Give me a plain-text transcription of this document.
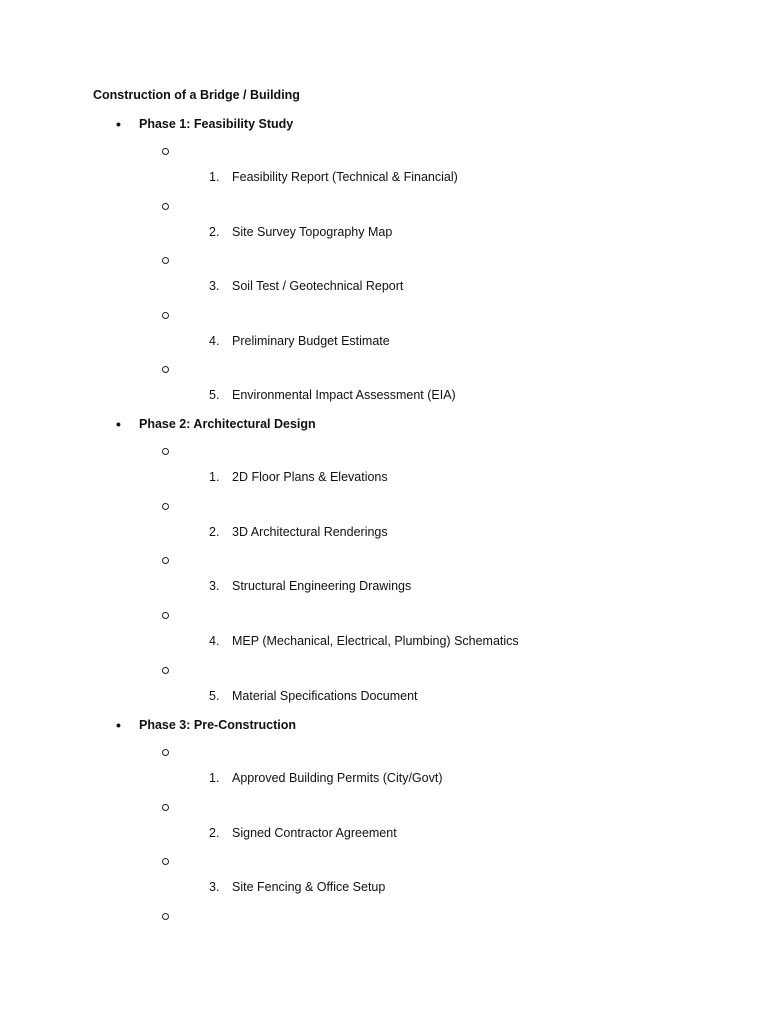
Construction of a Bridge / Building
• Phase 1: Feasibility Study
1. Feasibility Report (Technical & Financial)
2. Site Survey Topography Map
3. Soil Test / Geotechnical Report
4. Preliminary Budget Estimate
5. Environmental Impact Assessment (EIA)
• Phase 2: Architectural Design
1. 2D Floor Plans & Elevations
2. 3D Architectural Renderings
3. Structural Engineering Drawings
4. MEP (Mechanical, Electrical, Plumbing) Schematics
5. Material Specifications Document
• Phase 3: Pre-Construction
1. Approved Building Permits (City/Govt)
2. Signed Contractor Agreement
3. Site Fencing & Office Setup
